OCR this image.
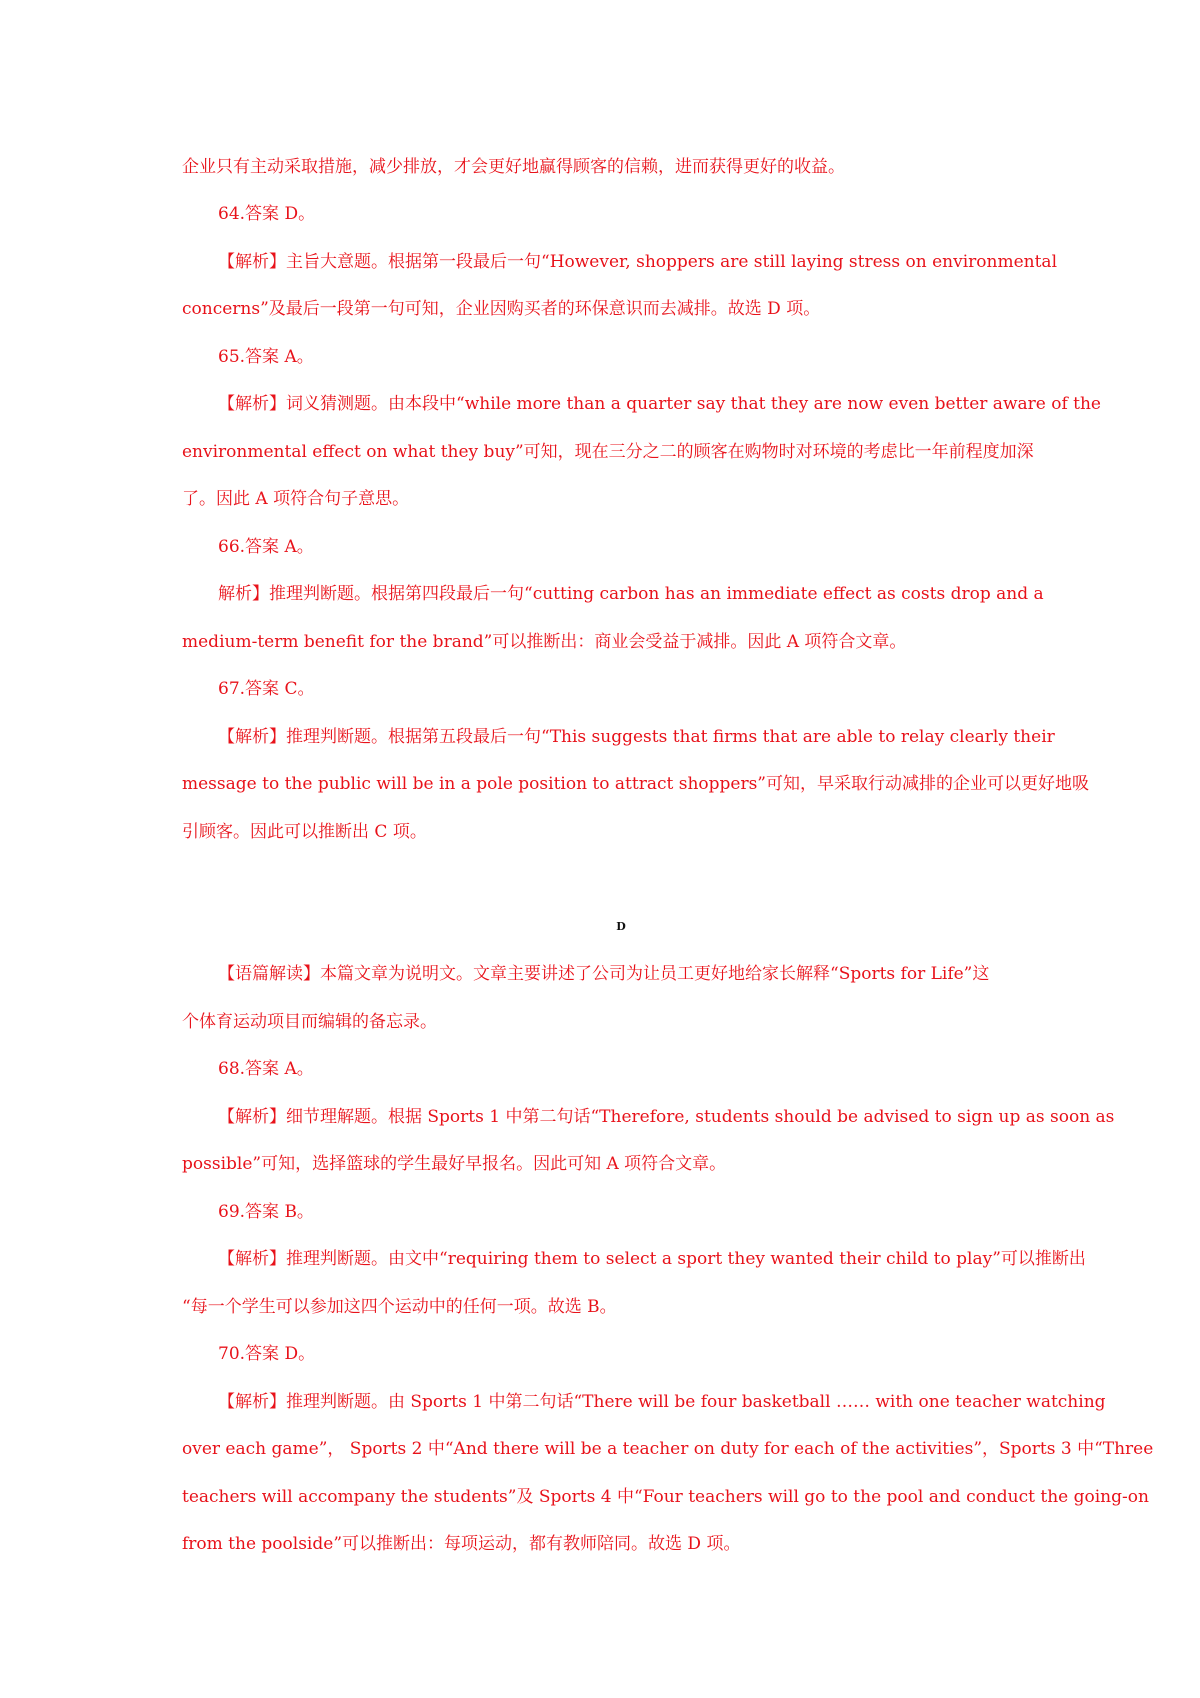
企业只有主动采取措施，减少排放，才会更好地赢得顾客的信赖，进而获得更好的收益。
64.答案 D。
【解析】主旨大意题。根据第一段最后一句“However, shoppers are still laying stress on environmental
concerns”及最后一段第一句可知，企业因购买者的环保意识而去减排。故选 D 项。
65.答案 A。
【解析】词义猜测题。由本段中“while more than a quarter say that they are now even better aware of the
environmental effect on what they buy”可知，现在三分之二的顾客在购物时对环境的考虑比一年前程度加深
了。因此 A 项符合句子意思。
66.答案 A。
解析】推理判断题。根据第四段最后一句“cutting carbon has an immediate effect as costs drop and a
medium-term benefit for the brand”可以推断出：商业会受益于减排。因此 A 项符合文章。
67.答案 C。
【解析】推理判断题。根据第五段最后一句“This suggests that firms that are able to relay clearly their
message to the public will be in a pole position to attract shoppers”可知，早采取行动减排的企业可以更好地吸
引顾客。因此可以推断出 C 项。
D
【语篇解读】本篇文章为说明文。文章主要讲述了公司为让员工更好地给家长解释“Sports for Life”这
个体育运动项目而编辑的备忘录。
68.答案 A。
【解析】细节理解题。根据 Sports 1 中第二句话“Therefore, students should be advised to sign up as soon as
possible”可知，选择篮球的学生最好早报名。因此可知 A 项符合文章。
69.答案 B。
【解析】推理判断题。由文中“requiring them to select a sport they wanted their child to play”可以推断出
“每一个学生可以参加这四个运动中的任何一项。故选 B。
70.答案 D。
【解析】推理判断题。由 Sports 1 中第二句话“There will be four basketball …… with one teacher watching
over each game”， Sports 2 中“And there will be a teacher on duty for each of the activities”，Sports 3 中“Three
teachers will accompany the students”及 Sports 4 中“Four teachers will go to the pool and conduct the going-on
from the poolside”可以推断出：每项运动，都有教师陪同。故选 D 项。
